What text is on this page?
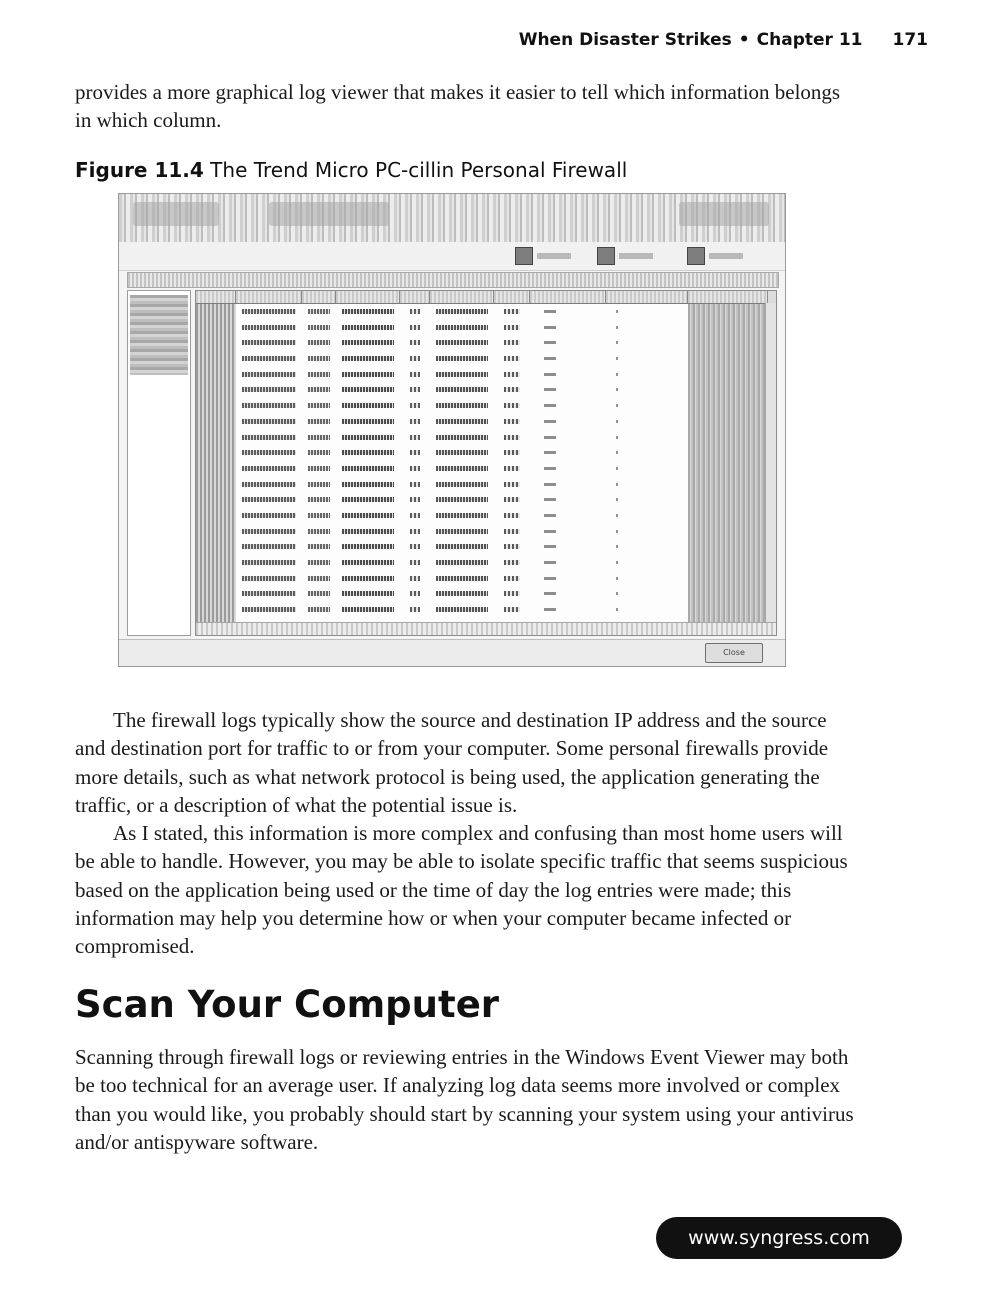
When Disaster Strikes • Chapter 11 171

provides a more graphical log viewer that makes it easier to tell which information belongs in which column.

Figure 11.4 The Trend Micro PC-cillin Personal Firewall
Close

The firewall logs typically show the source and destination IP address and the source and destination port for traffic to or from your computer. Some personal firewalls provide more details, such as what network protocol is being used, the application generating the traffic, or a description of what the potential issue is.

As I stated, this information is more complex and confusing than most home users will be able to handle. However, you may be able to isolate specific traffic that seems suspicious based on the application being used or the time of day the log entries were made; this information may help you determine how or when your computer became infected or compromised.

Scan Your Computer

Scanning through firewall logs or reviewing entries in the Windows Event Viewer may both be too technical for an average user. If analyzing log data seems more involved or complex than you would like, you probably should start by scanning your system using your antivirus and/or antispyware software.

www.syngress.com
